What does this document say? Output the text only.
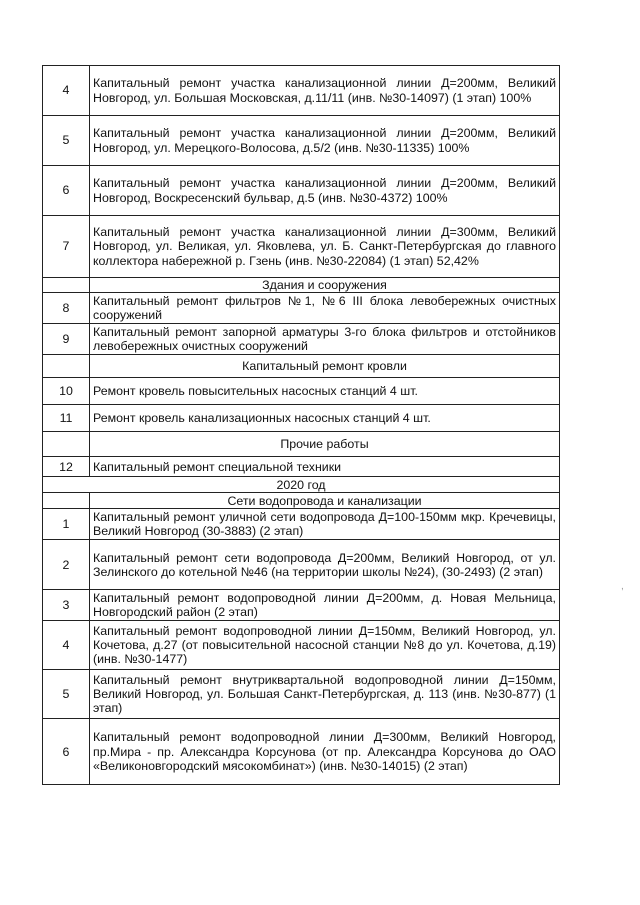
4	Капитальный ремонт участка канализационной линии Д=200мм, Великий Новгород, ул. Большая Московская, д.11/11 (инв. №30-14097) (1 этап) 100%
5	Капитальный ремонт участка канализационной линии Д=200мм, Великий Новгород, ул. Мерецкого-Волосова, д.5/2 (инв. №30-11335) 100%
6	Капитальный ремонт участка канализационной линии Д=200мм, Великий Новгород, Воскресенский бульвар, д.5 (инв. №30-4372) 100%
7	Капитальный ремонт участка канализационной линии Д=300мм, Великий Новгород, ул. Великая, ул. Яковлева, ул. Б. Санкт-Петербургская до главного коллектора набережной р. Гзень (инв. №30-22084) (1 этап) 52,42%
	Здания и сооружения
8	Капитальный ремонт фильтров №1, №6 III блока левобережных очистных сооружений
9	Капитальный ремонт запорной арматуры 3-го блока фильтров и отстойников левобережных очистных сооружений
	Капитальный ремонт кровли
10	Ремонт кровель повысительных насосных станций 4 шт.
11	Ремонт кровель канализационных насосных станций 4 шт.
	Прочие работы
12	Капитальный ремонт специальной техники
2020 год	
	Сети водопровода и канализации
1	Капитальный ремонт уличной сети водопровода Д=100-150мм мкр. Кречевицы, Великий Новгород (30-3883) (2 этап)
2	Капитальный ремонт сети водопровода Д=200мм, Великий Новгород, от ул. Зелинского до котельной №46 (на территории школы №24), (30-2493) (2 этап)
3	Капитальный ремонт водопроводной линии Д=200мм, д. Новая Мельница, Новгородский район (2 этап)
4	Капитальный ремонт водопроводной линии Д=150мм, Великий Новгород, ул. Кочетова, д.27 (от повысительной насосной станции №8 до ул. Кочетова, д.19) (инв. №30-1477)
5	Капитальный ремонт внутриквартальной водопроводной линии Д=150мм, Великий Новгород, ул. Большая Санкт-Петербургская, д. 113 (инв. №30-877) (1 этап)
6	Капитальный ремонт водопроводной линии Д=300мм, Великий Новгород, пр.Мира - пр. Александра Корсунова (от пр. Александра Корсунова до ОАО «Великоновгородский мясокомбинат») (инв. №30-14015) (2 этап)
,
